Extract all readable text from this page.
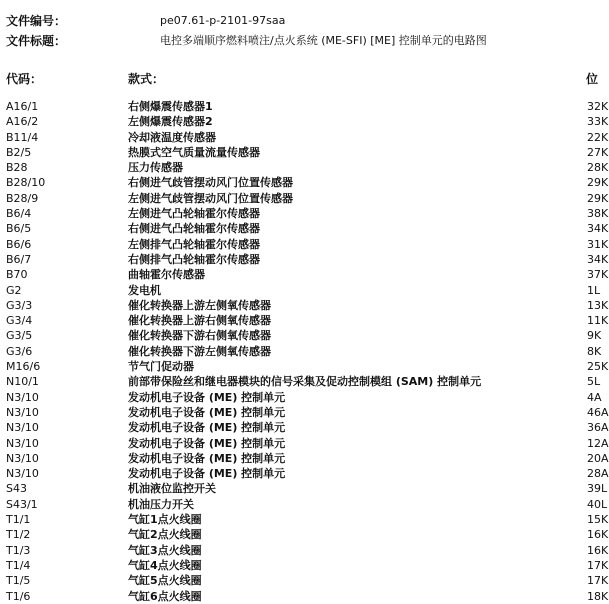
文件编号：	pe07.61-p-2101-97saa
文件标题：	电控多端顺序燃料喷注/点火系统 (ME-SFI) [ME] 控制单元的电路图
代码：	款式：	位
A16/1	右侧爆震传感器1	32K
A16/2	左侧爆震传感器2	33K
B11/4	冷却液温度传感器	22K
B2/5	热膜式空气质量流量传感器	27K
B28	压力传感器	28K
B28/10	右侧进气歧管摆动风门位置传感器	29K
B28/9	左侧进气歧管摆动风门位置传感器	29K
B6/4	左侧进气凸轮轴霍尔传感器	38K
B6/5	右侧进气凸轮轴霍尔传感器	34K
B6/6	左侧排气凸轮轴霍尔传感器	31K
B6/7	右侧排气凸轮轴霍尔传感器	34K
B70	曲轴霍尔传感器	37K
G2	发电机	1L
G3/3	催化转换器上游左侧氧传感器	13K
G3/4	催化转换器上游右侧氧传感器	11K
G3/5	催化转换器下游右侧氧传感器	9K
G3/6	催化转换器下游左侧氧传感器	8K
M16/6	节气门促动器	25K
N10/1	前部带保险丝和继电器模块的信号采集及促动控制模组 (SAM) 控制单元	5L
N3/10	发动机电子设备 (ME) 控制单元	4A
N3/10	发动机电子设备 (ME) 控制单元	46A
N3/10	发动机电子设备 (ME) 控制单元	36A
N3/10	发动机电子设备 (ME) 控制单元	12A
N3/10	发动机电子设备 (ME) 控制单元	20A
N3/10	发动机电子设备 (ME) 控制单元	28A
S43	机油液位监控开关	39L
S43/1	机油压力开关	40L
T1/1	气缸1点火线圈	15K
T1/2	气缸2点火线圈	16K
T1/3	气缸3点火线圈	16K
T1/4	气缸4点火线圈	17K
T1/5	气缸5点火线圈	17K
T1/6	气缸6点火线圈	18K
